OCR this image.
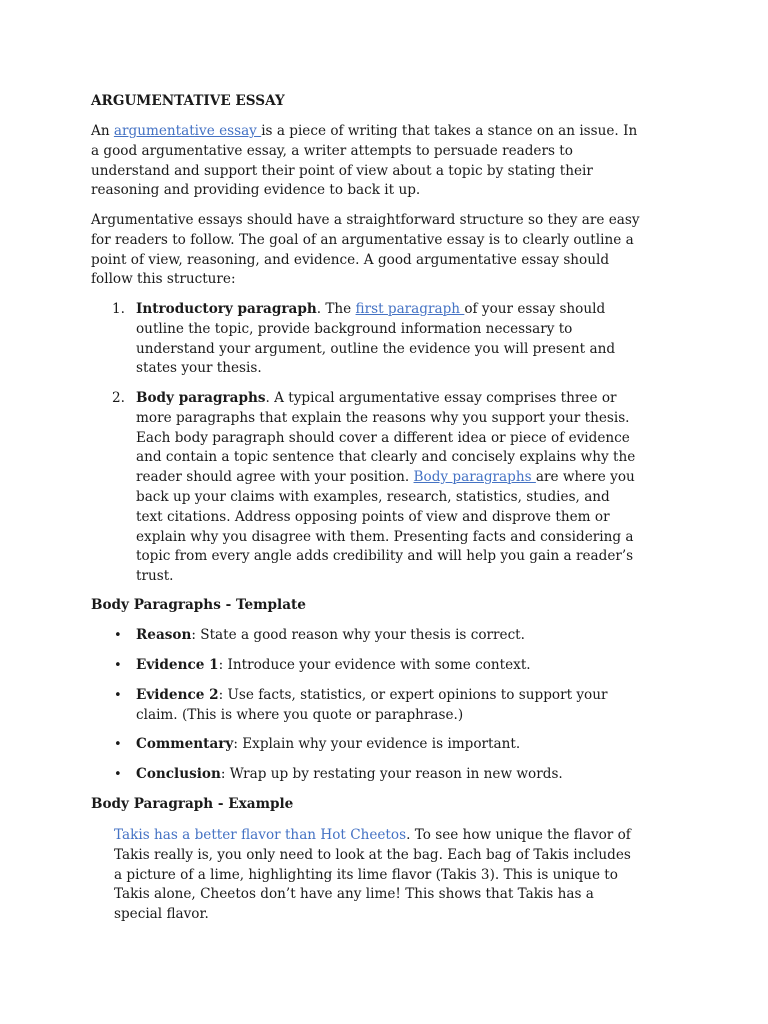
ARGUMENTATIVE ESSAY

An argumentative essay is a piece of writing that takes a stance on an issue. In
a good argumentative essay, a writer attempts to persuade readers to
understand and support their point of view about a topic by stating their
reasoning and providing evidence to back it up.

Argumentative essays should have a straightforward structure so they are easy
for readers to follow. The goal of an argumentative essay is to clearly outline a
point of view, reasoning, and evidence. A good argumentative essay should
follow this structure:

1. Introductory paragraph. The first paragraph of your essay should
outline the topic, provide background information necessary to
understand your argument, outline the evidence you will present and
states your thesis.

2. Body paragraphs. A typical argumentative essay comprises three or
more paragraphs that explain the reasons why you support your thesis.
Each body paragraph should cover a different idea or piece of evidence
and contain a topic sentence that clearly and concisely explains why the
reader should agree with your position. Body paragraphs are where you
back up your claims with examples, research, statistics, studies, and
text citations. Address opposing points of view and disprove them or
explain why you disagree with them. Presenting facts and considering a
topic from every angle adds credibility and will help you gain a reader’s
trust.

Body Paragraphs - Template

• Reason: State a good reason why your thesis is correct.

• Evidence 1: Introduce your evidence with some context.

• Evidence 2: Use facts, statistics, or expert opinions to support your
claim. (This is where you quote or paraphrase.)

• Commentary: Explain why your evidence is important.

• Conclusion: Wrap up by restating your reason in new words.

Body Paragraph - Example

Takis has a better flavor than Hot Cheetos. To see how unique the flavor of
Takis really is, you only need to look at the bag. Each bag of Takis includes
a picture of a lime, highlighting its lime flavor (Takis 3). This is unique to
Takis alone, Cheetos don’t have any lime! This shows that Takis has a
special flavor.
